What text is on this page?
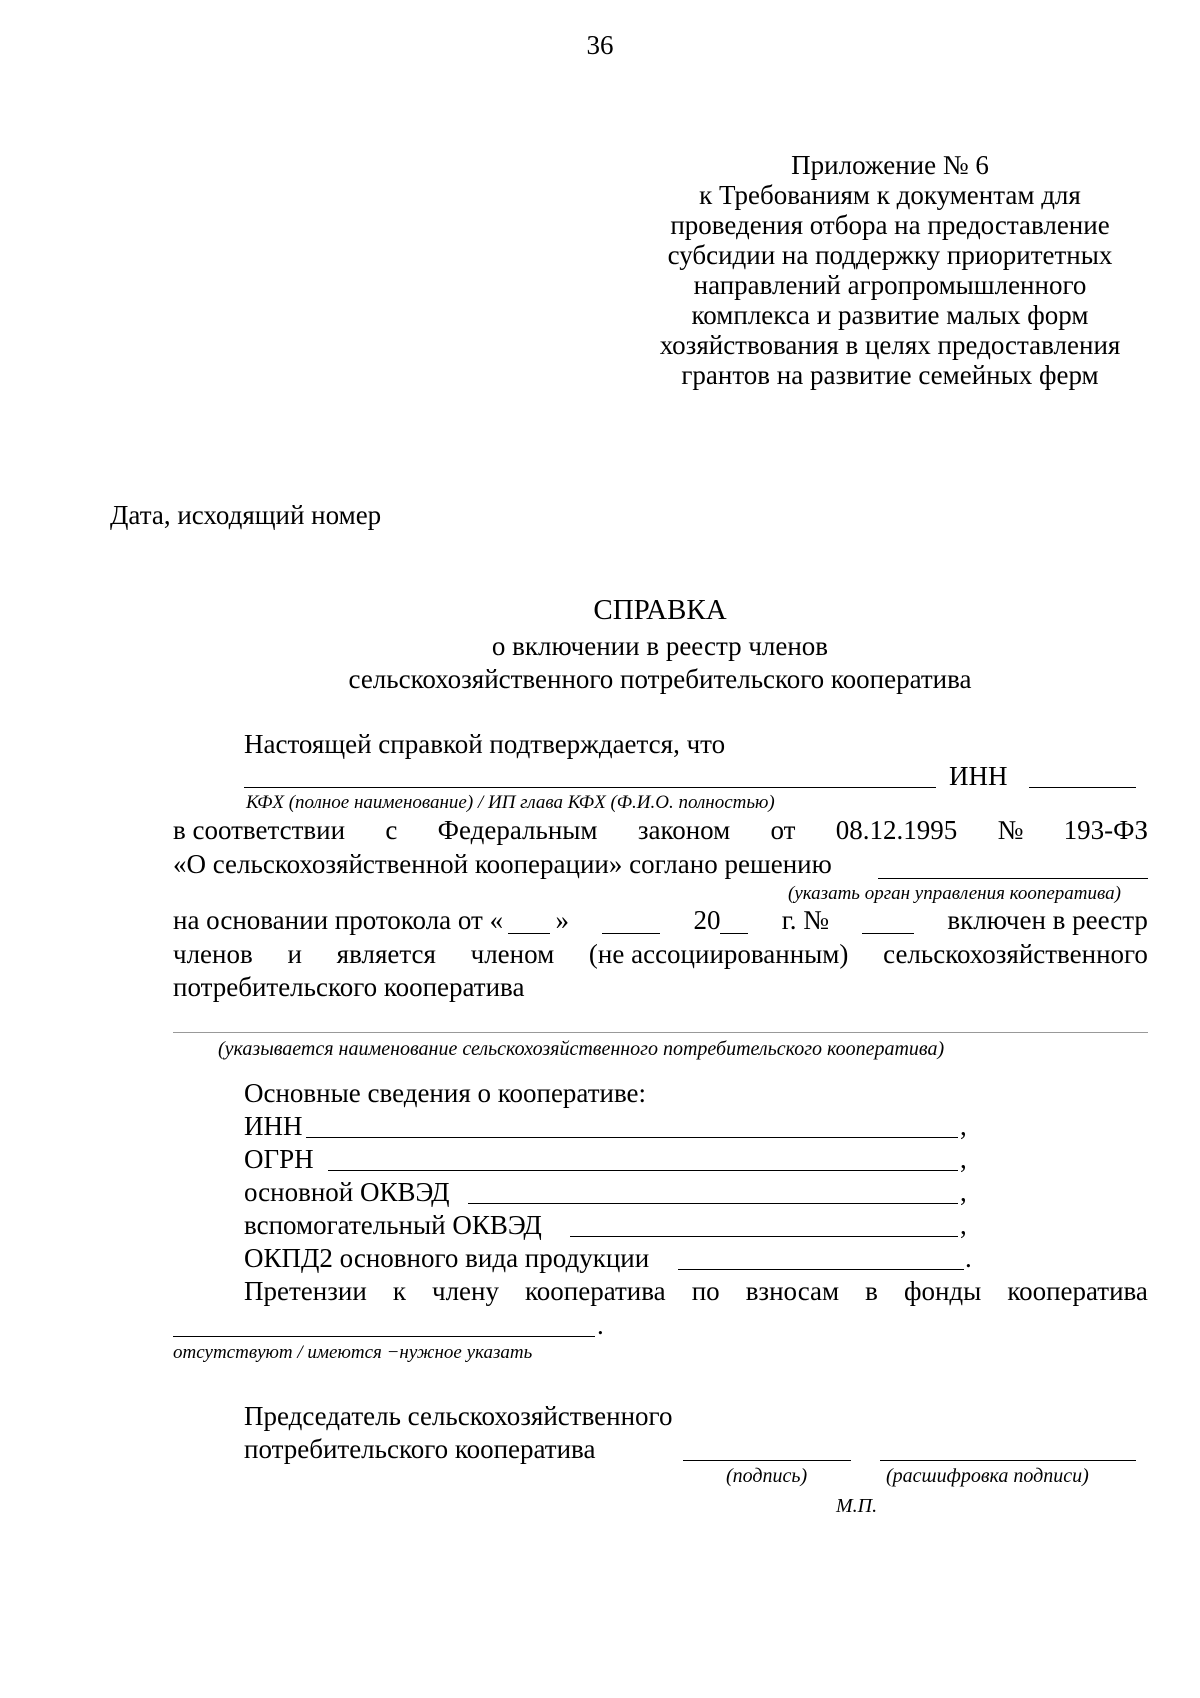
36
Приложение № 6
к Требованиям к документам для
проведения отбора на предоставление
субсидии на поддержку приоритетных
направлений агропромышленного
комплекса и развитие малых форм
хозяйствования в целях предоставления
грантов на развитие семейных ферм
Дата, исходящий номер
СПРАВКА
о включении в реестр членов
сельскохозяйственного потребительского кооператива
Настоящей справкой подтверждается, что
ИНН
КФХ (полное наименование) / ИП глава КФХ (Ф.И.О. полностью)
в соответствии с Федеральным законом от 08.12.1995 № 193-ФЗ
«О сельскохозяйственной кооперации» соглано решению
(указать орган управления кооператива)
на основании протокола от « »	20 г. №	включен в реестр
членов и является членом (не ассоциированным) сельскохозяйственного
потребительского кооператива
(указывается наименование сельскохозяйственного потребительского кооператива)
Основные сведения о кооперативе:
ИНН	,
ОГРН	,
основной ОКВЭД	,
вспомогательный ОКВЭД	,
ОКПД2 основного вида продукции	.
Претензии к члену кооператива по взносам в фонды кооператива
.
отсутствуют / имеются −нужное указать
Председатель сельскохозяйственного
потребительского кооператива
(подпись)	(расшифровка подписи)
М.П.
